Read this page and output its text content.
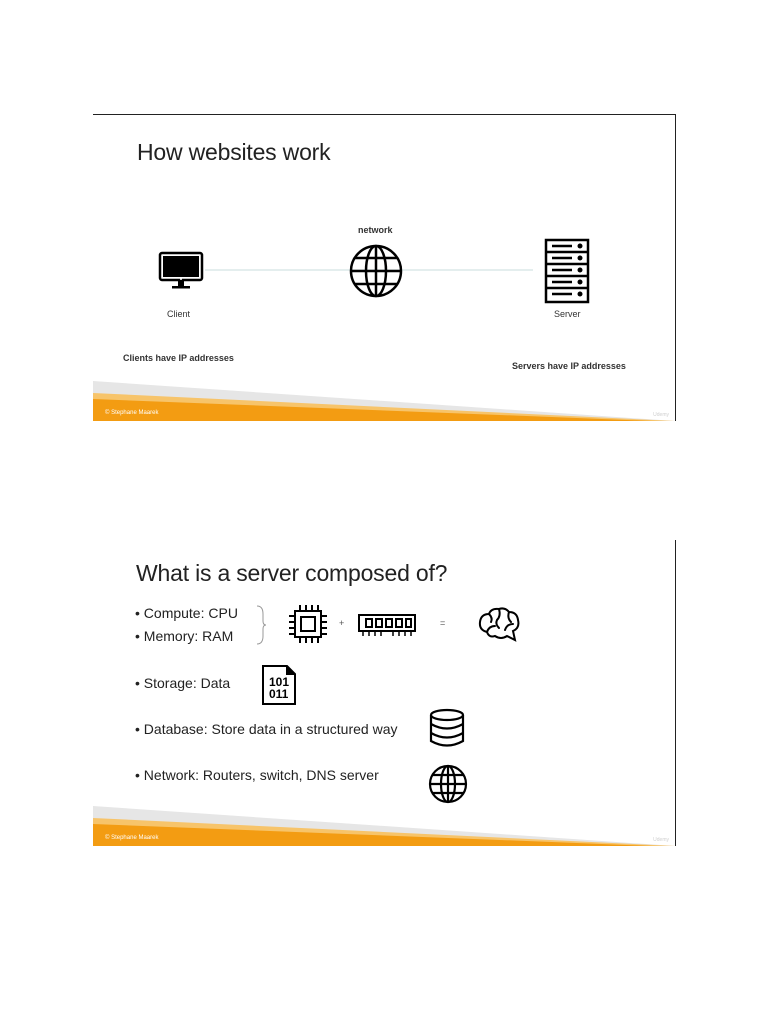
How websites work
network
Client	Server
Clients have IP addresses
Servers have IP addresses
© Stephane Maarek	Udemy
What is a server composed of?
• Compute: CPU
• Memory: RAM
+	=
• Storage: Data	101
011
• Database: Store data in a structured way
• Network: Routers, switch, DNS server
© Stephane Maarek	Udemy
